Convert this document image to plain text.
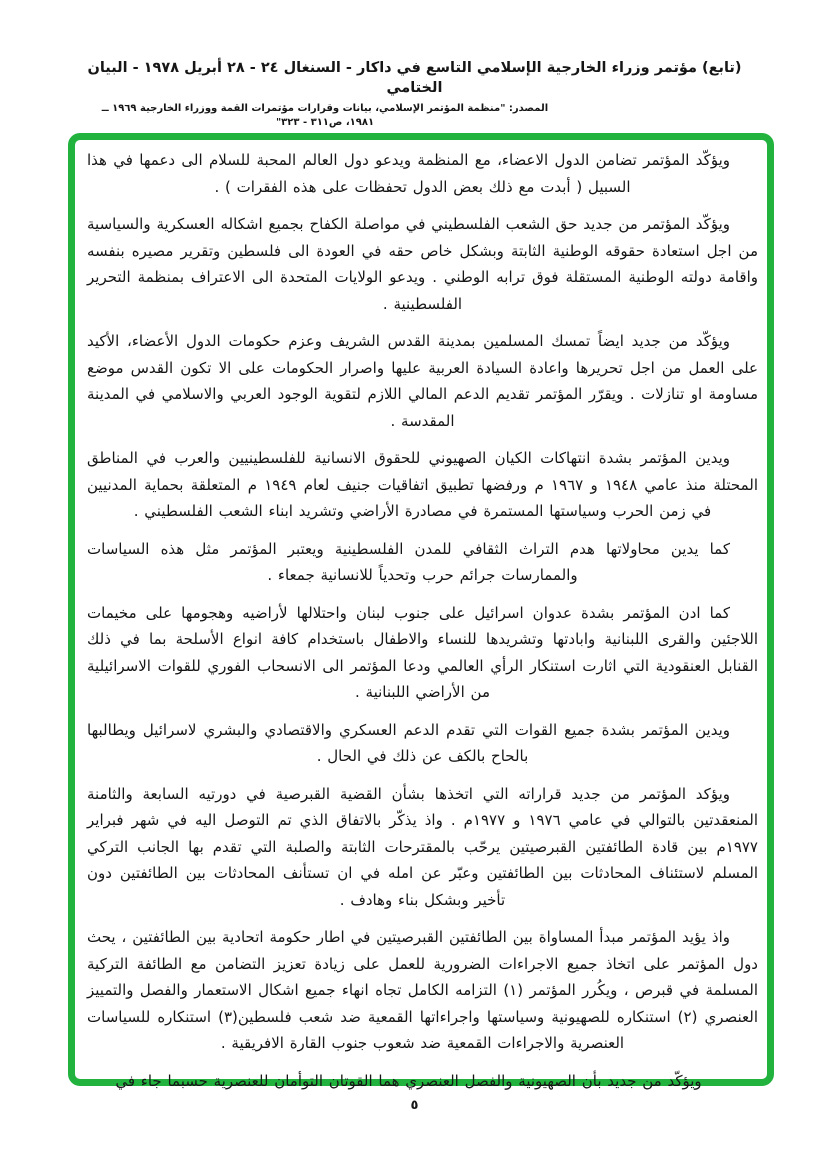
(تابع) مؤتمر وزراء الخارجية الإسلامي التاسع في داكار - السنغال ٢٤ - ٢٨ أبريل ١٩٧٨ - البيان الختامي
المصدر: "منظمة المؤتمر الإسلامي، بيانات وقرارات مؤتمرات القمة ووزراء الخارجية ١٩٦٩ ــ ١٩٨١، ص٣١١ - ٣٢٣"

ويؤكّد المؤتمر تضامن الدول الاعضاء، مع المنظمة ويدعو دول العالم المحبة للسلام الى دعمها في هذا السبيل ( أبدت مع ذلك بعض الدول تحفظات على هذه الفقرات ) .

ويؤكّد المؤتمر من جديد حق الشعب الفلسطيني في مواصلة الكفاح بجميع اشكاله العسكرية والسياسية من اجل استعادة حقوقه الوطنية الثابتة وبشكل خاص حقه في العودة الى فلسطين وتقرير مصيره بنفسه واقامة دولته الوطنية المستقلة فوق ترابه الوطني . ويدعو الولايات المتحدة الى الاعتراف بمنظمة التحرير الفلسطينية .

ويؤكّد من جديد ايضاً تمسك المسلمين بمدينة القدس الشريف وعزم حكومات الدول الأعضاء، الأكيد على العمل من اجل تحريرها واعادة السيادة العربية عليها واصرار الحكومات على الا تكون القدس موضع مساومة او تنازلات . ويقرّر المؤتمر تقديم الدعم المالي اللازم لتقوية الوجود العربي والاسلامي في المدينة المقدسة .

ويدين المؤتمر بشدة انتهاكات الكيان الصهيوني للحقوق الانسانية للفلسطينيين والعرب في المناطق المحتلة منذ عامي ١٩٤٨ و ١٩٦٧ م ورفضها تطبيق اتفاقيات جنيف لعام ١٩٤٩ م المتعلقة بحماية المدنيين في زمن الحرب وسياستها المستمرة في مصادرة الأراضي وتشريد ابناء الشعب الفلسطيني .

كما يدين محاولاتها هدم التراث الثقافي للمدن الفلسطينية ويعتبر المؤتمر مثل هذه السياسات والممارسات جرائم حرب وتحدياً للانسانية جمعاء .

كما ادن المؤتمر بشدة عدوان اسرائيل على جنوب لبنان واحتلالها لأراضيه وهجومها على مخيمات اللاجئين والقرى اللبنانية وابادتها وتشريدها للنساء والاطفال باستخدام كافة انواع الأسلحة بما في ذلك القنابل العنقودية التي اثارت استنكار الرأي العالمي ودعا المؤتمر الى الانسحاب الفوري للقوات الاسرائيلية من الأراضي اللبنانية .

ويدين المؤتمر بشدة جميع القوات التي تقدم الدعم العسكري والاقتصادي والبشري لاسرائيل ويطالبها بالحاح بالكف عن ذلك في الحال .

ويؤكد المؤتمر من جديد قراراته التي اتخذها بشأن القضية القبرصية في دورتيه السابعة والثامنة المنعقدتين بالتوالي في عامي ١٩٧٦ و ١٩٧٧م . واذ يذكّر بالاتفاق الذي تم التوصل اليه في شهر فبراير ١٩٧٧م بين قادة الطائفتين القبرصيتين يرحّب بالمقترحات الثابتة والصلبة التي تقدم بها الجانب التركي المسلم لاستئناف المحادثات بين الطائفتين وعبّر عن امله في ان تستأنف المحادثات بين الطائفتين دون تأخير وبشكل بناء وهادف .

واذ يؤيد المؤتمر مبدأ المساواة بين الطائفتين القبرصيتين في اطار حكومة اتحادية بين الطائفتين ، يحث دول المؤتمر على اتخاذ جميع الاجراءات الضرورية للعمل على زيادة تعزيز التضامن مع الطائفة التركية المسلمة في قبرص ، ويكُرر المؤتمر (١) التزامه الكامل تجاه انهاء جميع اشكال الاستعمار والفصل والتمييز العنصري (٢) استنكاره للصهيونية وسياستها واجراءاتها القمعية ضد شعب فلسطين(٣) استنكاره للسياسات العنصرية والاجراءات القمعية ضد شعوب جنوب القارة الافريقية .

ويؤكّد من جديد بأن الصهيونية والفصل العنصري هما القوتان التوأمان للعنصرية حسبما جاء في

٥
